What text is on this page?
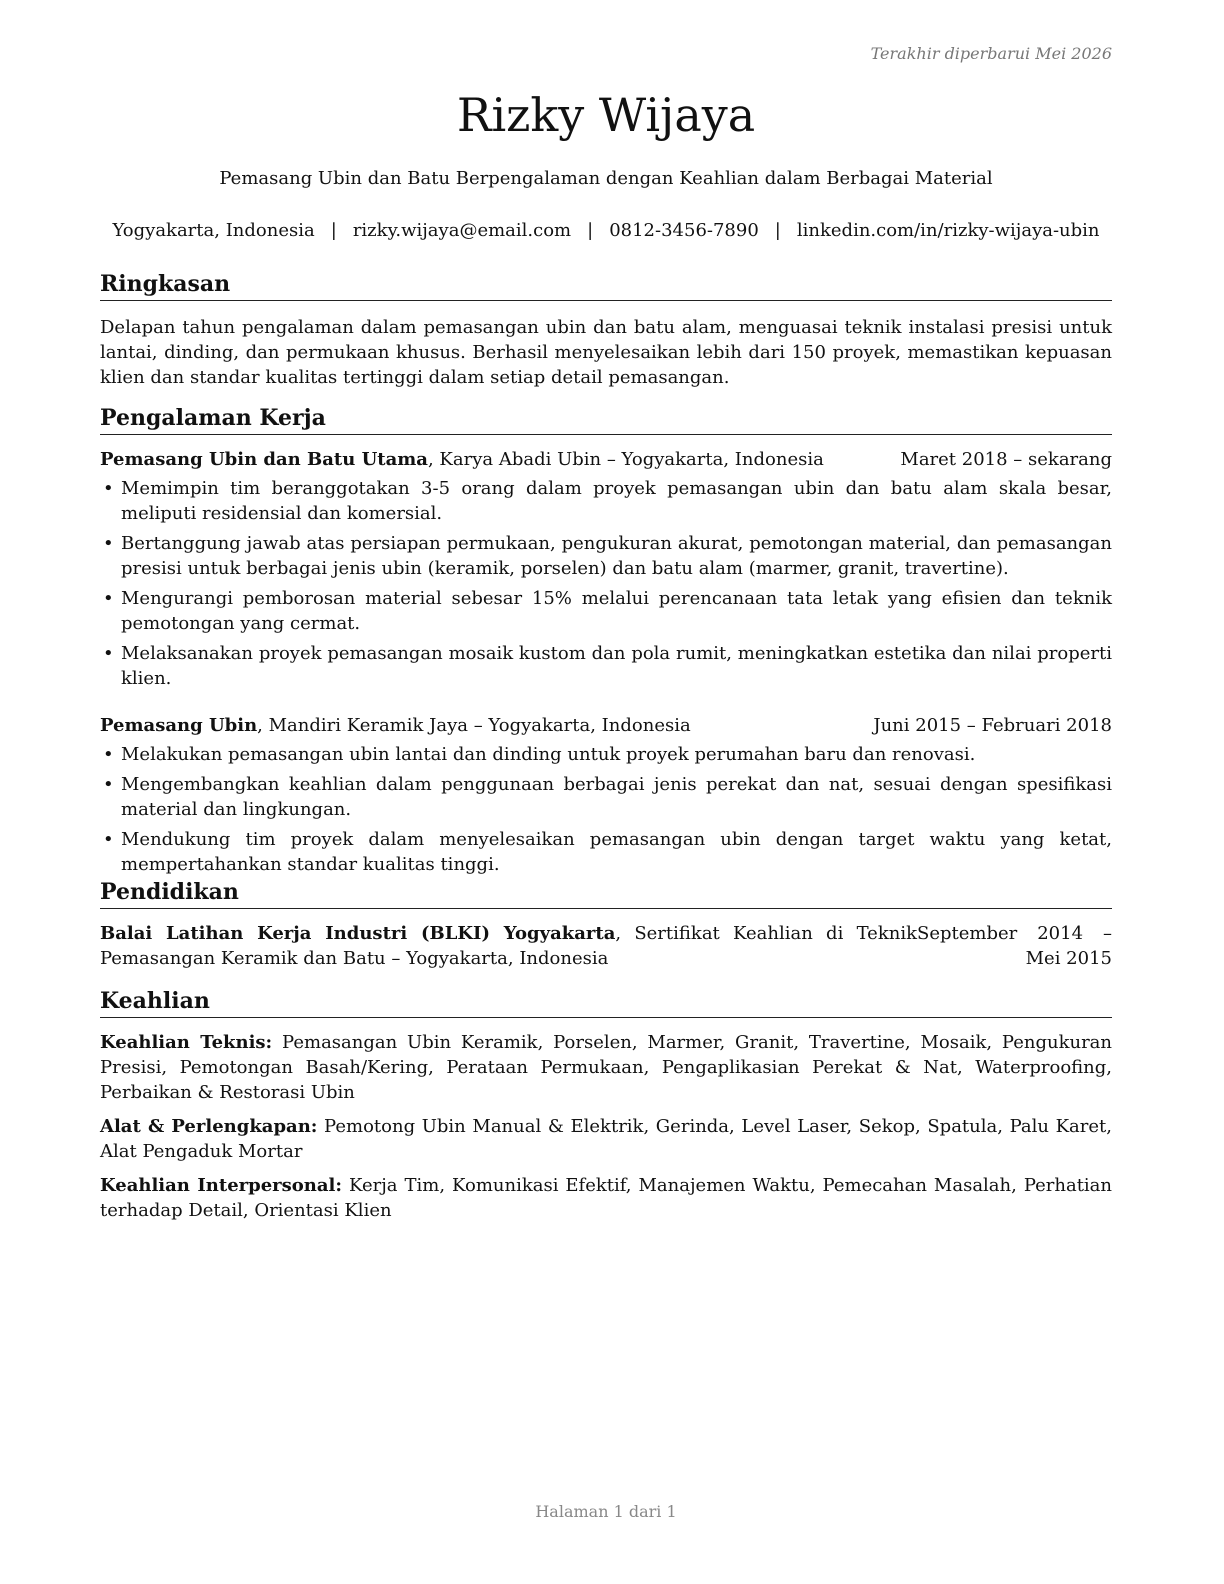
Terakhir diperbarui Mei 2026
Rizky Wijaya
Pemasang Ubin dan Batu Berpengalaman dengan Keahlian dalam Berbagai Material
Yogyakarta, Indonesia | rizky.wijaya@email.com | 0812-3456-7890 | linkedin.com/in/rizky-wijaya-ubin
Ringkasan

Delapan tahun pengalaman dalam pemasangan ubin dan batu alam, menguasai teknik instalasi presisi untuk lantai, dinding, dan permukaan khusus. Berhasil menyelesaikan lebih dari 150 proyek, memastikan kepuasan klien dan standar kualitas tertinggi dalam setiap detail pemasangan.

Pengalaman Kerja
Pemasang Ubin dan Batu Utama, Karya Abadi Ubin – Yogyakarta, Indonesia	Maret 2018 – sekarang
• Memimpin tim beranggotakan 3-5 orang dalam proyek pemasangan ubin dan batu alam skala besar, meliputi residensial dan komersial.
• Bertanggung jawab atas persiapan permukaan, pengukuran akurat, pemotongan material, dan pemasangan presisi untuk berbagai jenis ubin (keramik, porselen) dan batu alam (marmer, granit, travertine).
• Mengurangi pemborosan material sebesar 15% melalui perencanaan tata letak yang efisien dan teknik pemotongan yang cermat.
• Melaksanakan proyek pemasangan mosaik kustom dan pola rumit, meningkatkan estetika dan nilai properti klien.
Pemasang Ubin, Mandiri Keramik Jaya – Yogyakarta, Indonesia	Juni 2015 – Februari 2018
• Melakukan pemasangan ubin lantai dan dinding untuk proyek perumahan baru dan renovasi.
• Mengembangkan keahlian dalam penggunaan berbagai jenis perekat dan nat, sesuai dengan spesifikasi material dan lingkungan.
• Mendukung tim proyek dalam menyelesaikan pemasangan ubin dengan target waktu yang ketat, mempertahankan standar kualitas tinggi.
Pendidikan
Balai Latihan Kerja Industri (BLKI) Yogyakarta, Sertifikat Keahlian di Teknik Pemasangan Keramik dan Batu – Yogyakarta, Indonesia
September 2014 – Mei 2015
Keahlian
Keahlian Teknis: Pemasangan Ubin Keramik, Porselen, Marmer, Granit, Travertine, Mosaik, Pengukuran Presisi, Pemotongan Basah/Kering, Perataan Permukaan, Pengaplikasian Perekat & Nat, Waterproofing, Perbaikan & Restorasi Ubin
Alat & Perlengkapan: Pemotong Ubin Manual & Elektrik, Gerinda, Level Laser, Sekop, Spatula, Palu Karet, Alat Pengaduk Mortar
Keahlian Interpersonal: Kerja Tim, Komunikasi Efektif, Manajemen Waktu, Pemecahan Masalah, Perhatian terhadap Detail, Orientasi Klien
Halaman 1 dari 1
